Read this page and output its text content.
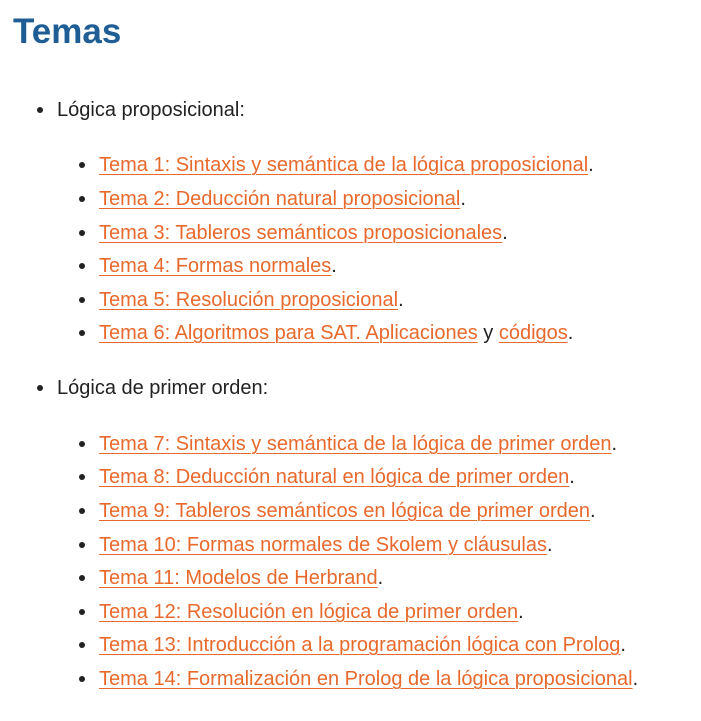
Temas
Lógica proposicional:
Tema 1: Sintaxis y semántica de la lógica proposicional.
Tema 2: Deducción natural proposicional.
Tema 3: Tableros semánticos proposicionales.
Tema 4: Formas normales.
Tema 5: Resolución proposicional.
Tema 6: Algoritmos para SAT. Aplicaciones y códigos.
Lógica de primer orden:
Tema 7: Sintaxis y semántica de la lógica de primer orden.
Tema 8: Deducción natural en lógica de primer orden.
Tema 9: Tableros semánticos en lógica de primer orden.
Tema 10: Formas normales de Skolem y cláusulas.
Tema 11: Modelos de Herbrand.
Tema 12: Resolución en lógica de primer orden.
Tema 13: Introducción a la programación lógica con Prolog.
Tema 14: Formalización en Prolog de la lógica proposicional.
